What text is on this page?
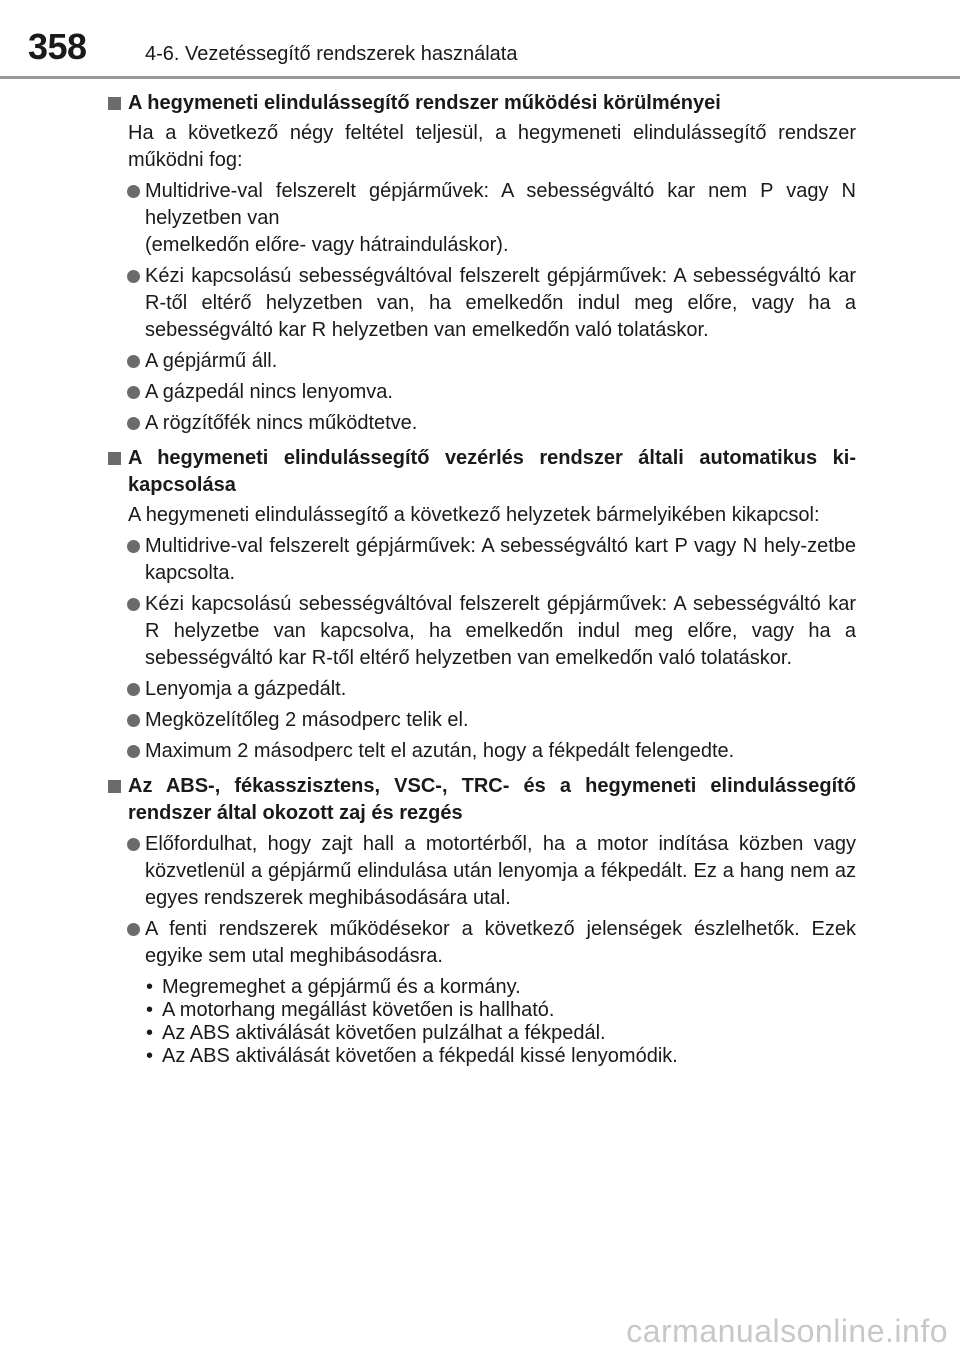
358	4-6. Vezetéssegítő rendszerek használata
A hegymeneti elindulássegítő rendszer működési körülményei
Ha a következő négy feltétel teljesül, a hegymeneti elindulássegítő rendszer működni fog:
Multidrive-val felszerelt gépjárművek: A sebességváltó kar nem P vagy N helyzetben van
(emelkedőn előre- vagy hátrainduláskor).
Kézi kapcsolású sebességváltóval felszerelt gépjárművek: A sebességváltó kar R-től eltérő helyzetben van, ha emelkedőn indul meg előre, vagy ha a sebességváltó kar R helyzetben van emelkedőn való tolatáskor.
A gépjármű áll.
A gázpedál nincs lenyomva.
A rögzítőfék nincs működtetve.
A hegymeneti elindulássegítő vezérlés rendszer általi automatikus ki-kapcsolása
A hegymeneti elindulássegítő a következő helyzetek bármelyikében kikapcsol:
Multidrive-val felszerelt gépjárművek: A sebességváltó kart P vagy N hely-zetbe kapcsolta.
Kézi kapcsolású sebességváltóval felszerelt gépjárművek: A sebességváltó kar R helyzetbe van kapcsolva, ha emelkedőn indul meg előre, vagy ha a sebességváltó kar R-től eltérő helyzetben van emelkedőn való tolatáskor.
Lenyomja a gázpedált.
Megközelítőleg 2 másodperc telik el.
Maximum 2 másodperc telt el azután, hogy a fékpedált felengedte.
Az ABS-, fékasszisztens, VSC-, TRC- és a hegymeneti elindulássegítő rendszer által okozott zaj és rezgés
Előfordulhat, hogy zajt hall a motortérből, ha a motor indítása közben vagy közvetlenül a gépjármű elindulása után lenyomja a fékpedált. Ez a hang nem az egyes rendszerek meghibásodására utal.
A fenti rendszerek működésekor a következő jelenségek észlelhetők. Ezek egyike sem utal meghibásodásra.
• Megremeghet a gépjármű és a kormány.
• A motorhang megállást követően is hallható.
• Az ABS aktiválását követően pulzálhat a fékpedál.
• Az ABS aktiválását követően a fékpedál kissé lenyomódik.
carmanualsonline.info
